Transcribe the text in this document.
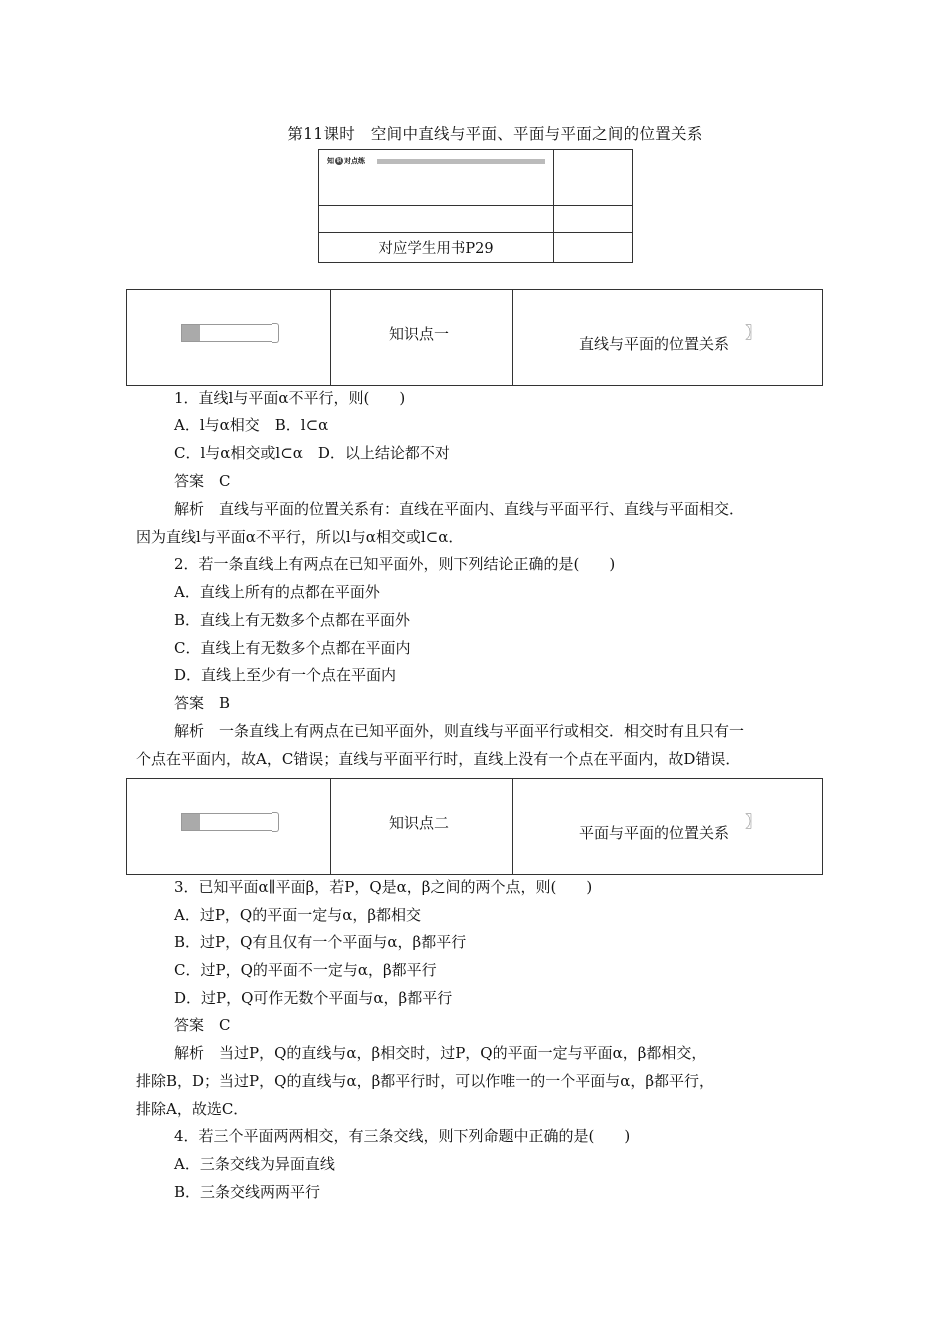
第11课时　空间中直线与平面、平面与平面之间的位置关系
知 识 对点练	

对应学生用书P29	
知识点一
直线与平面的位置关系
〗
1．直线l与平面α不平行，则(　　)
A．l与α相交　B．l⊂α
C．l与α相交或l⊂α　D．以上结论都不对
答案　C
解析　直线与平面的位置关系有：直线在平面内、直线与平面平行、直线与平面相交．
因为直线l与平面α不平行，所以l与α相交或l⊂α．
2．若一条直线上有两点在已知平面外，则下列结论正确的是(　　)
A．直线上所有的点都在平面外
B．直线上有无数多个点都在平面外
C．直线上有无数多个点都在平面内
D．直线上至少有一个点在平面内
答案　B
解析　一条直线上有两点在已知平面外，则直线与平面平行或相交．相交时有且只有一
个点在平面内，故A，C错误；直线与平面平行时，直线上没有一个点在平面内，故D错误．
知识点二
平面与平面的位置关系
〗
3．已知平面α∥平面β，若P，Q是α，β之间的两个点，则(　　)
A．过P，Q的平面一定与α，β都相交
B．过P，Q有且仅有一个平面与α，β都平行
C．过P，Q的平面不一定与α，β都平行
D．过P，Q可作无数个平面与α，β都平行
答案　C
解析　当过P，Q的直线与α，β相交时，过P，Q的平面一定与平面α，β都相交，
排除B，D；当过P，Q的直线与α，β都平行时，可以作唯一的一个平面与α，β都平行，
排除A，故选C．
4．若三个平面两两相交，有三条交线，则下列命题中正确的是(　　)
A．三条交线为异面直线
B．三条交线两两平行
